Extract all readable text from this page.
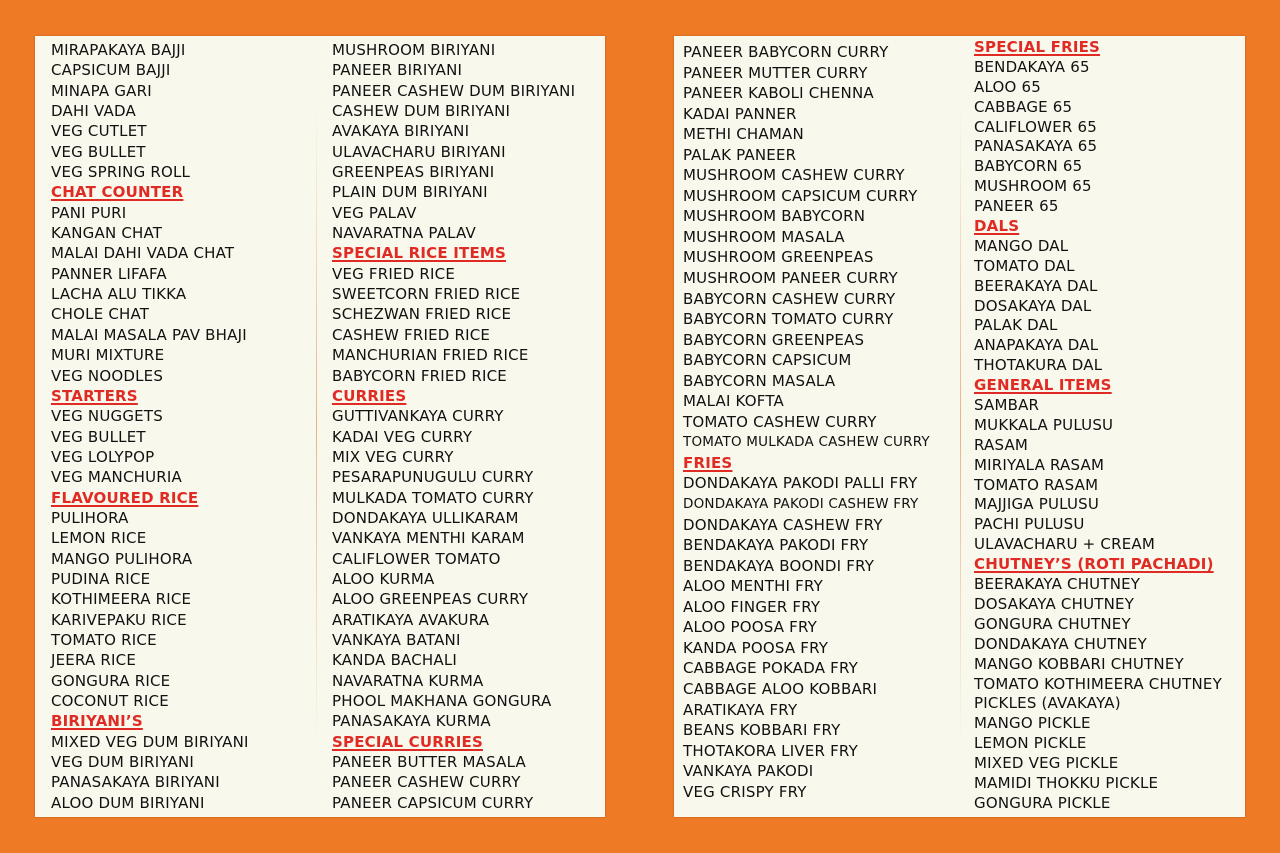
MIRAPAKAYA BAJJI
CAPSICUM BAJJI
MINAPA GARI
DAHI VADA
VEG CUTLET
VEG BULLET
VEG SPRING ROLL
CHAT COUNTER
PANI PURI
KANGAN CHAT
MALAI DAHI VADA CHAT
PANNER LIFAFA
LACHA ALU TIKKA
CHOLE CHAT
MALAI MASALA PAV BHAJI
MURI MIXTURE
VEG NOODLES
STARTERS
VEG NUGGETS
VEG BULLET
VEG LOLYPOP
VEG MANCHURIA
FLAVOURED RICE
PULIHORA
LEMON RICE
MANGO PULIHORA
PUDINA RICE
KOTHIMEERA RICE
KARIVEPAKU RICE
TOMATO RICE
JEERA RICE
GONGURA RICE
COCONUT RICE
BIRIYANI’S
MIXED VEG DUM BIRIYANI
VEG DUM BIRIYANI
PANASAKAYA BIRIYANI
ALOO DUM BIRIYANI
MUSHROOM BIRIYANI
PANEER BIRIYANI
PANEER CASHEW DUM BIRIYANI
CASHEW DUM BIRIYANI
AVAKAYA BIRIYANI
ULAVACHARU BIRIYANI
GREENPEAS BIRIYANI
PLAIN DUM BIRIYANI
VEG PALAV
NAVARATNA PALAV
SPECIAL RICE ITEMS
VEG FRIED RICE
SWEETCORN FRIED RICE
SCHEZWAN FRIED RICE
CASHEW FRIED RICE
MANCHURIAN FRIED RICE
BABYCORN FRIED RICE
CURRIES
GUTTIVANKAYA CURRY
KADAI VEG CURRY
MIX VEG CURRY
PESARAPUNUGULU CURRY
MULKADA TOMATO CURRY
DONDAKAYA ULLIKARAM
VANKAYA MENTHI KARAM
CALIFLOWER TOMATO
ALOO KURMA
ALOO GREENPEAS CURRY
ARATIKAYA AVAKURA
VANKAYA BATANI
KANDA BACHALI
NAVARATNA KURMA
PHOOL MAKHANA GONGURA
PANASAKAYA KURMA
SPECIAL CURRIES
PANEER BUTTER MASALA
PANEER CASHEW CURRY
PANEER CAPSICUM CURRY
PANEER BABYCORN CURRY
PANEER MUTTER CURRY
PANEER KABOLI CHENNA
KADAI PANNER
METHI CHAMAN
PALAK PANEER
MUSHROOM CASHEW CURRY
MUSHROOM CAPSICUM CURRY
MUSHROOM BABYCORN
MUSHROOM MASALA
MUSHROOM GREENPEAS
MUSHROOM PANEER CURRY
BABYCORN CASHEW CURRY
BABYCORN TOMATO CURRY
BABYCORN GREENPEAS
BABYCORN CAPSICUM
BABYCORN MASALA
MALAI KOFTA
TOMATO CASHEW CURRY
TOMATO MULKADA CASHEW CURRY
FRIES
DONDAKAYA PAKODI PALLI FRY
DONDAKAYA PAKODI CASHEW FRY
DONDAKAYA CASHEW FRY
BENDAKAYA PAKODI FRY
BENDAKAYA BOONDI FRY
ALOO MENTHI FRY
ALOO FINGER FRY
ALOO POOSA FRY
KANDA POOSA FRY
CABBAGE POKADA FRY
CABBAGE ALOO KOBBARI
ARATIKAYA FRY
BEANS KOBBARI FRY
THOTAKORA LIVER FRY
VANKAYA PAKODI
VEG CRISPY FRY
SPECIAL FRIES
BENDAKAYA 65
ALOO 65
CABBAGE 65
CALIFLOWER 65
PANASAKAYA 65
BABYCORN 65
MUSHROOM 65
PANEER 65
DALS
MANGO DAL
TOMATO DAL
BEERAKAYA DAL
DOSAKAYA DAL
PALAK DAL
ANAPAKAYA DAL
THOTAKURA DAL
GENERAL ITEMS
SAMBAR
MUKKALA PULUSU
RASAM
MIRIYALA RASAM
TOMATO RASAM
MAJJIGA PULUSU
PACHI PULUSU
ULAVACHARU + CREAM
CHUTNEY’S (ROTI PACHADI)
BEERAKAYA CHUTNEY
DOSAKAYA CHUTNEY
GONGURA CHUTNEY
DONDAKAYA CHUTNEY
MANGO KOBBARI CHUTNEY
TOMATO KOTHIMEERA CHUTNEY
PICKLES (AVAKAYA)
MANGO PICKLE
LEMON PICKLE
MIXED VEG PICKLE
MAMIDI THOKKU PICKLE
GONGURA PICKLE
